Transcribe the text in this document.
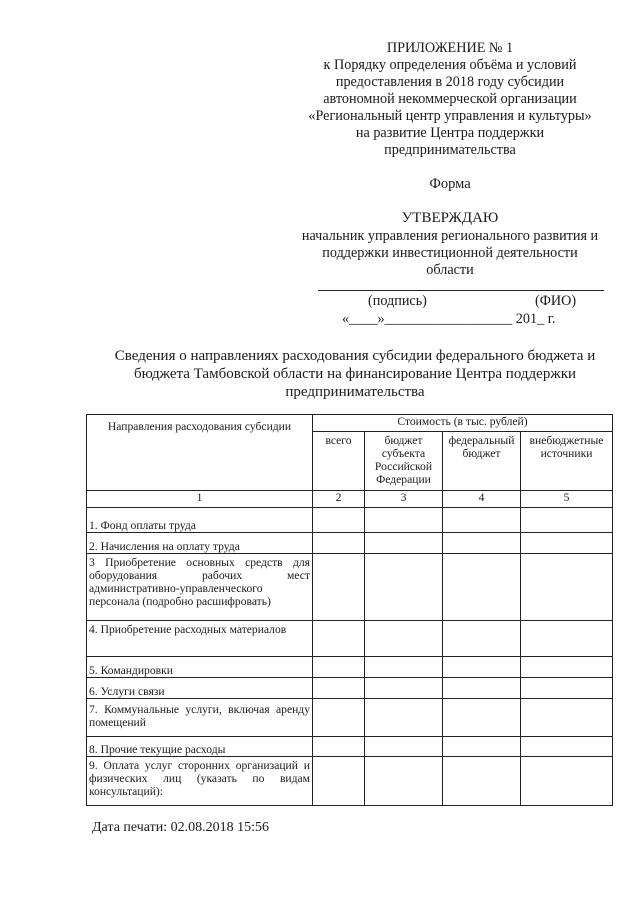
ПРИЛОЖЕНИЕ № 1
к Порядку определения объёма и условий предоставления в 2018 году субсидии автономной некоммерческой организации «Региональный центр управления и культуры» на развитие Центра поддержки предпринимательства
Форма
УТВЕРЖДАЮ
начальник управления регионального развития и поддержки инвестиционной деятельности области
(подпись)	(ФИО)
«____»__________________ 201_ г.
Сведения о направлениях расходования субсидии федерального бюджета и бюджета Тамбовской области на финансирование Центра поддержки предпринимательства
Направления расходования субсидии	Стоимость (в тыс. рублей)			
	всего	бюджет субъекта Российской Федерации	федеральный бюджет	внебюджетные источники
1	2	3	4	5
1. Фонд оплаты труда				
2. Начисления на оплату труда				
3 Приобретение основных средств для оборудования рабочих мест административно-управленческого персонала (подробно расшифровать)				
4. Приобретение расходных материалов				
5. Командировки				
6. Услуги связи				
7. Коммунальные услуги, включая аренду помещений				
8. Прочие текущие расходы				
9. Оплата услуг сторонних организаций и физических лиц (указать по видам консультаций):				
Дата печати: 02.08.2018 15:56
